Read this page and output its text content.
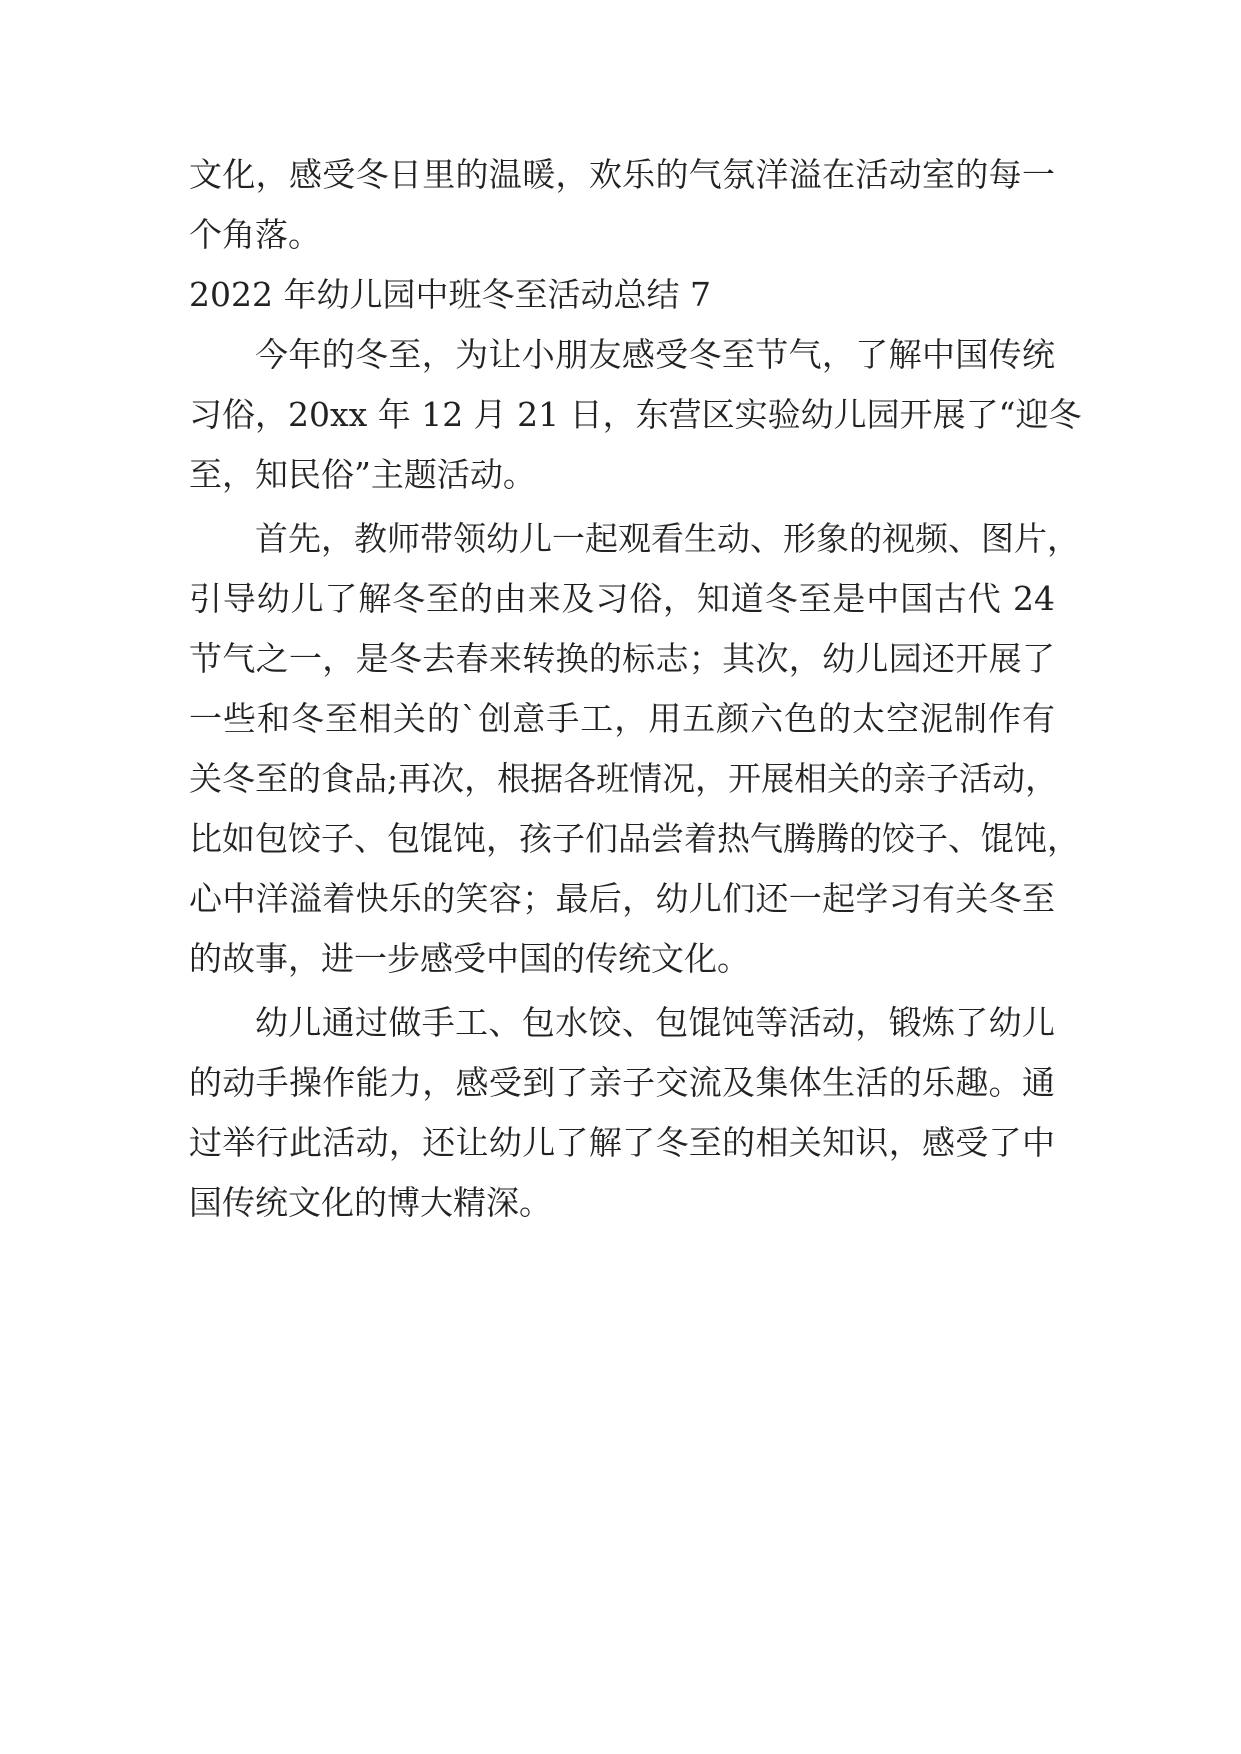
文化，感受冬日里的温暖，欢乐的气氛洋溢在活动室的每一
个角落。
2022 年幼儿园中班冬至活动总结 7
今年的冬至，为让小朋友感受冬至节气，了解中国传统
习俗，20xx 年 12 月 21 日，东营区实验幼儿园开展了“迎冬
至，知民俗”主题活动。
首先，教师带领幼儿一起观看生动、形象的视频、图片，
引导幼儿了解冬至的由来及习俗，知道冬至是中国古代 24
节气之一，是冬去春来转换的标志；其次，幼儿园还开展了
一些和冬至相关的`创意手工，用五颜六色的太空泥制作有
关冬至的食品;再次，根据各班情况，开展相关的亲子活动，
比如包饺子、包馄饨，孩子们品尝着热气腾腾的饺子、馄饨，
心中洋溢着快乐的笑容；最后，幼儿们还一起学习有关冬至
的故事，进一步感受中国的传统文化。
幼儿通过做手工、包水饺、包馄饨等活动，锻炼了幼儿
的动手操作能力，感受到了亲子交流及集体生活的乐趣。通
过举行此活动，还让幼儿了解了冬至的相关知识，感受了中
国传统文化的博大精深。
